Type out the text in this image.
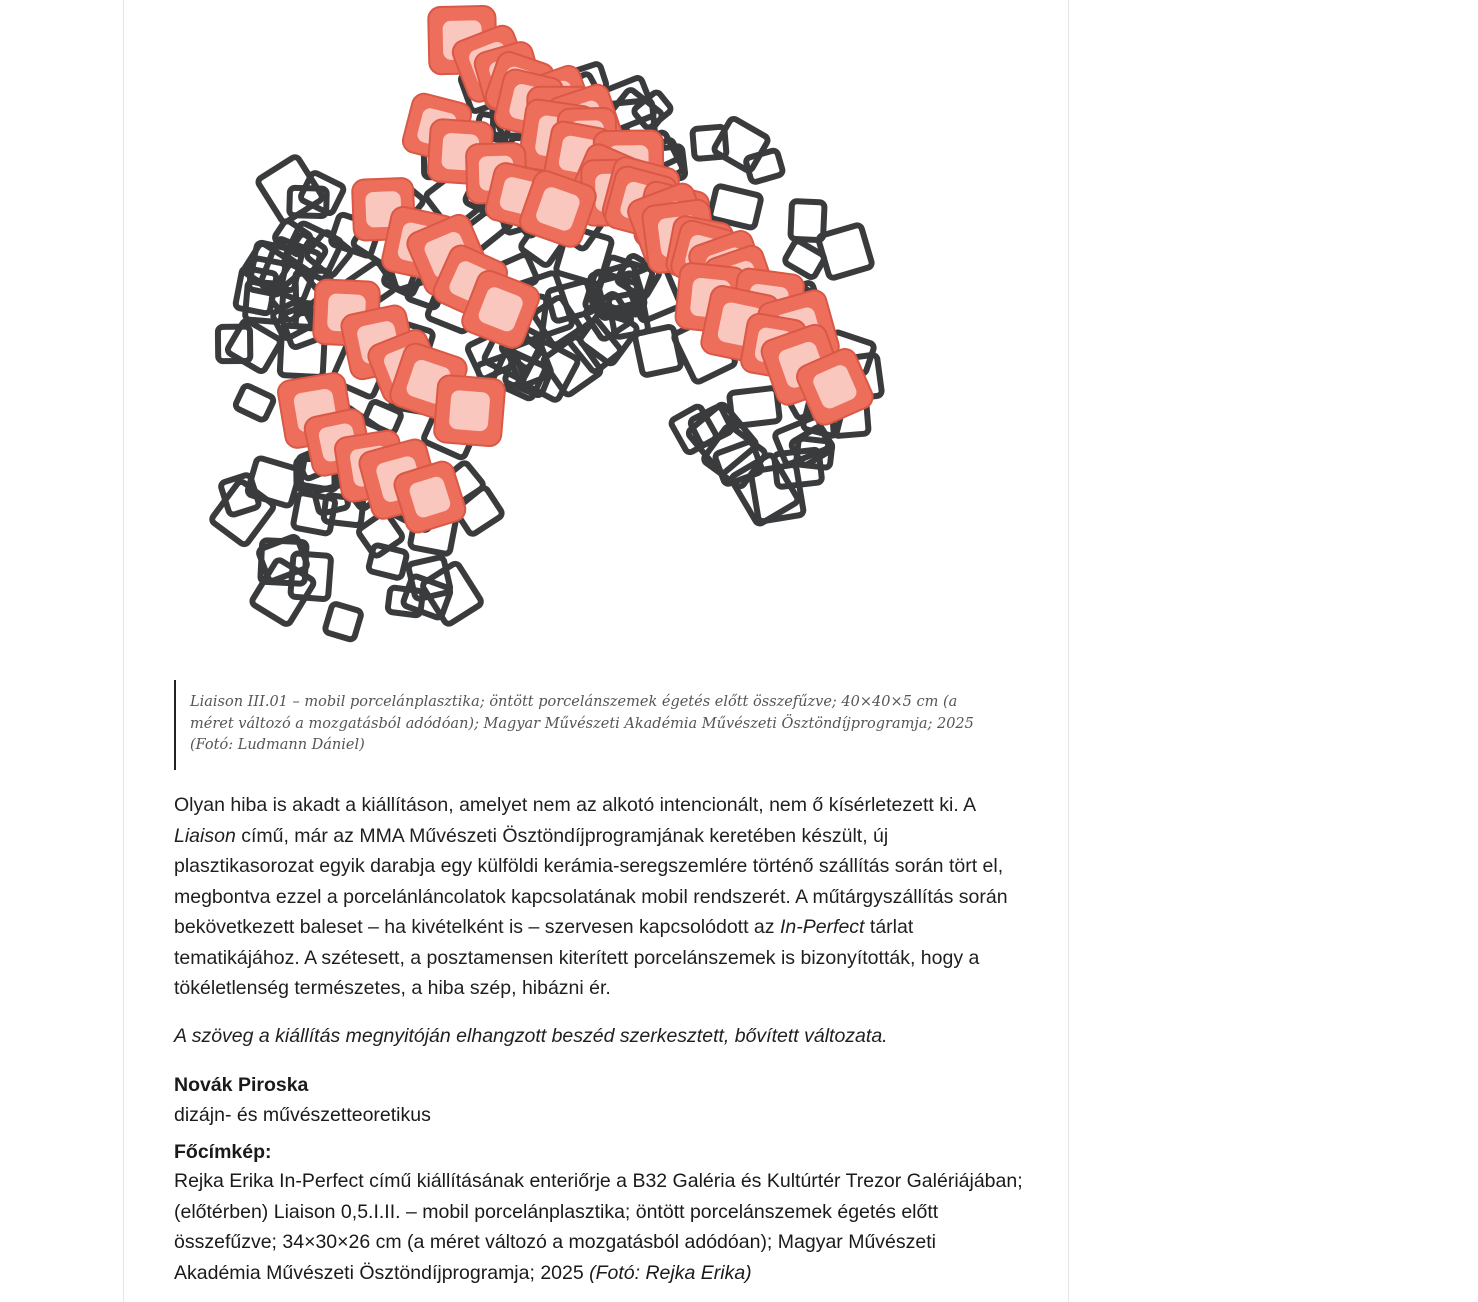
Liaison III.01 – mobil porcelánplasztika; öntött porcelánszemek égetés előtt összefűzve; 40×40×5 cm (a méret változó a mozgatásból adódóan); Magyar Művészeti Akadémia Művészeti Ösztöndíjprogramja; 2025 (Fotó: Ludmann Dániel)
Olyan hiba is akadt a kiállításon, amelyet nem az alkotó intencionált, nem ő kísérletezett ki. A Liaison című, már az MMA Művészeti Ösztöndíjprogramjának keretében készült, új plasztikasorozat egyik darabja egy külföldi kerámia-seregszemlére történő szállítás során tört el, megbontva ezzel a porcelánláncolatok kapcsolatának mobil rendszerét. A műtárgyszállítás során bekövetkezett baleset – ha kivételként is – szervesen kapcsolódott az In-Perfect tárlat tematikájához. A szétesett, a posztamensen kiterített porcelánszemek is bizonyították, hogy a tökéletlenség természetes, a hiba szép, hibázni ér.
A szöveg a kiállítás megnyitóján elhangzott beszéd szerkesztett, bővített változata.
Novák Piroska
dizájn- és művészetteoretikus
Főcímkép:
Rejka Erika In-Perfect című kiállításának enteriőrje a B32 Galéria és Kultúrtér Trezor Galériájában; (előtérben) Liaison 0,5.I.II. – mobil porcelánplasztika; öntött porcelánszemek égetés előtt összefűzve; 34×30×26 cm (a méret változó a mozgatásból adódóan); Magyar Művészeti Akadémia Művészeti Ösztöndíjprogramja; 2025 (Fotó: Rejka Erika)
